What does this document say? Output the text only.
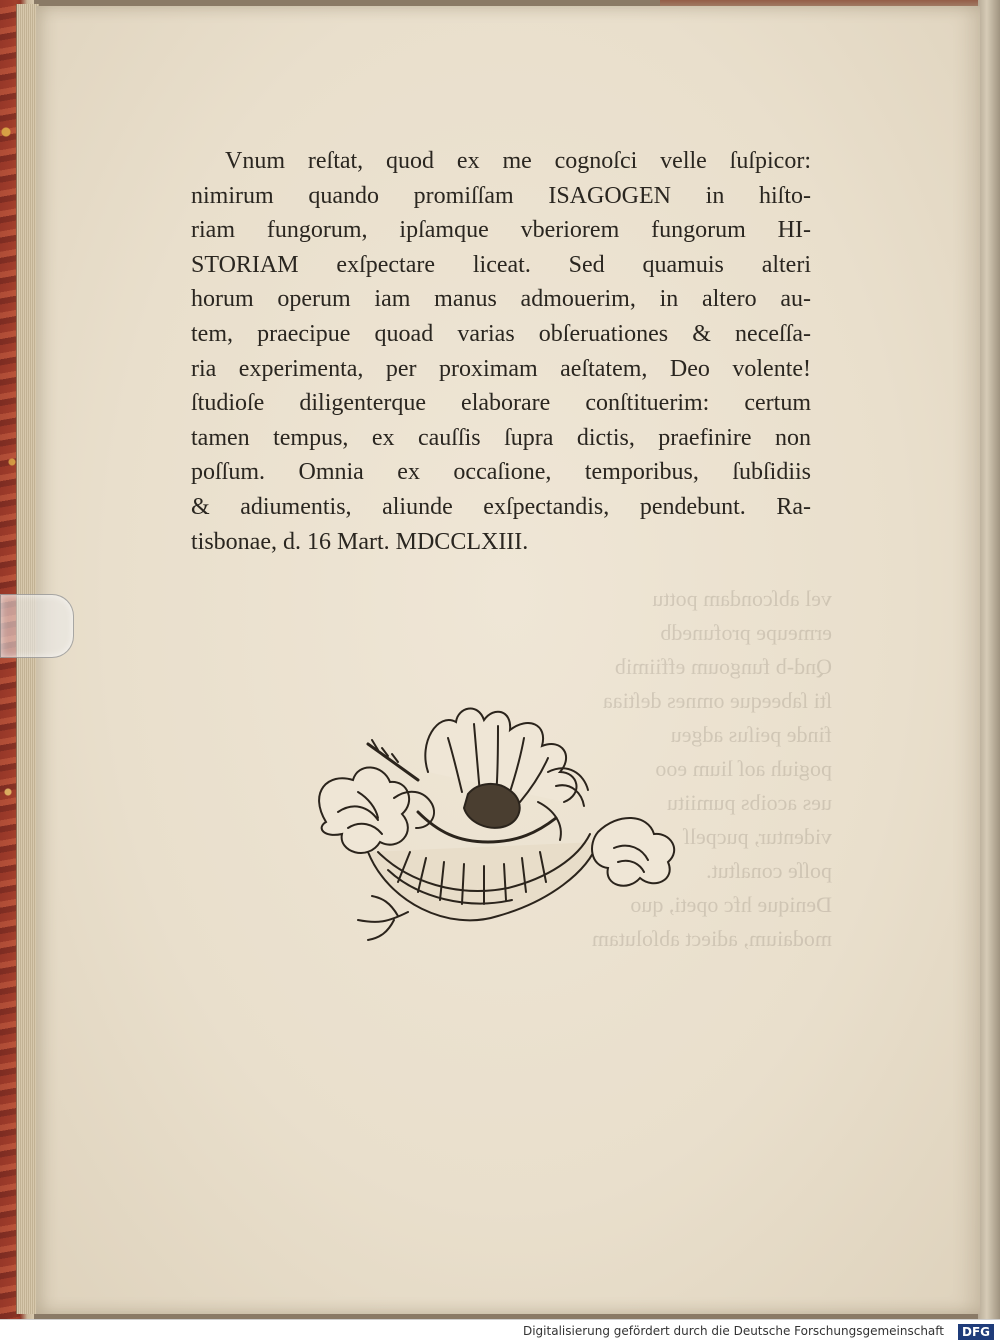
vel abſcondam pottu
ermeupe profunedb
Qnd-b fungoum effiimib
ſti ſabeeque omnes deſtiaa
finde peiſus adgeu
pogiuh aoſ lium eoo
ues acoibs pumiitu
videntur, pucpelſ
poſſe conaſtut.
Denique hfc opeti, quo
modaium, adiect abſolutam
Vnum reſtat, quod ex me cognoſci velle ſuſpicor:
nimirum quando promiſſam ISAGOGEN in hiſto-
riam fungorum, ipſamque vberiorem fungorum HI-
STORIAM exſpectare liceat. Sed quamuis alteri
horum operum iam manus admouerim, in altero au-
tem, praecipue quoad varias obſeruationes & neceſſa-
ria experimenta, per proximam aeſtatem, Deo volente!
ſtudioſe diligenterque elaborare conſtituerim: certum
tamen tempus, ex cauſſis ſupra dictis, praefinire non
poſſum. Omnia ex occaſione, temporibus, ſubſidiis
& adiumentis, aliunde exſpectandis, pendebunt. Ra-
tisbonae, d. 16 Mart. MDCCLXIII.
Digitalisierung gefördert durch die Deutsche Forschungsgemeinschaft	DFG
